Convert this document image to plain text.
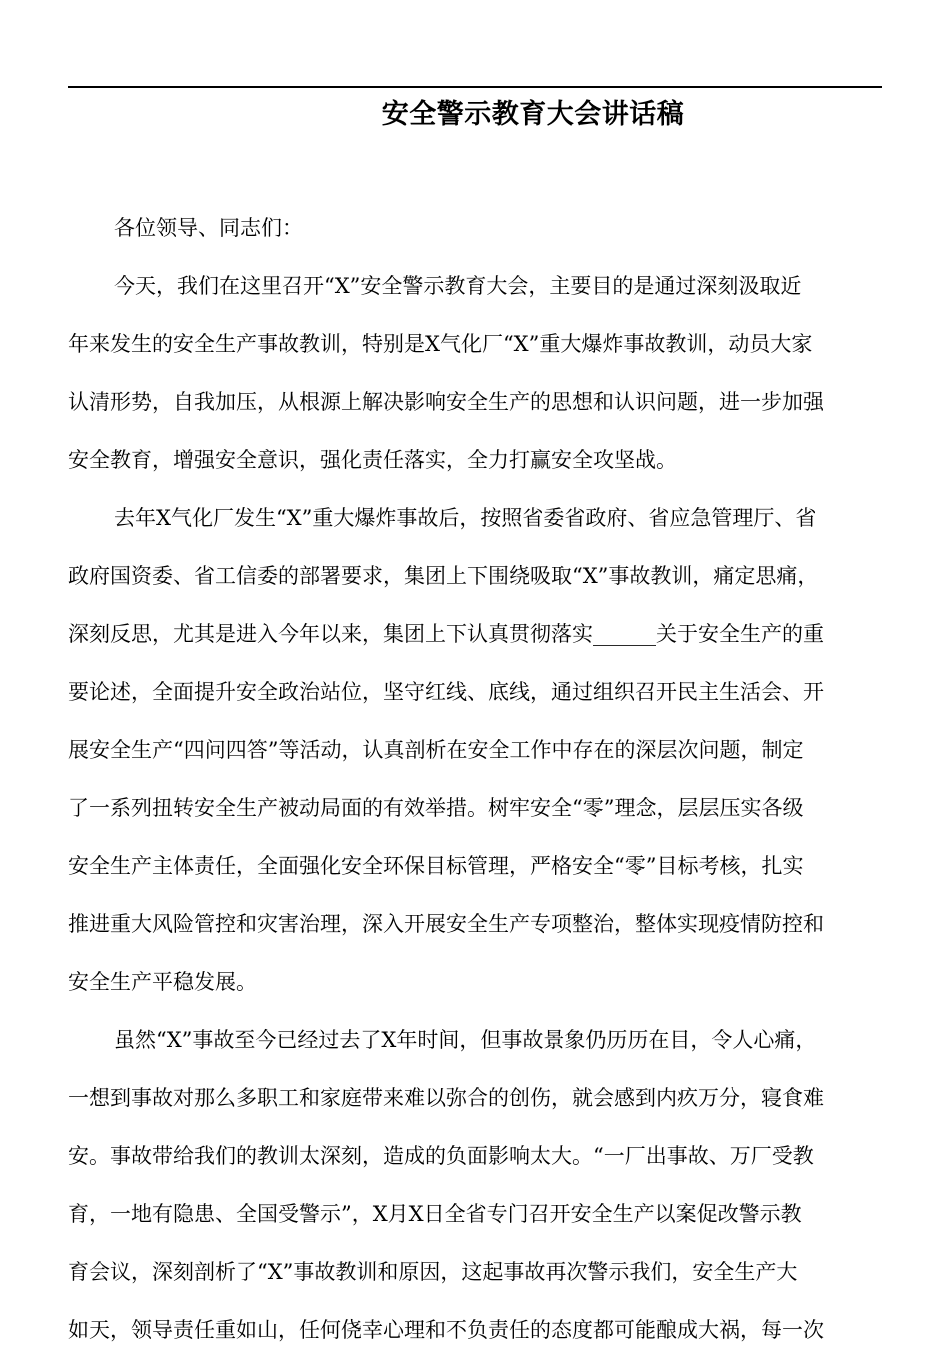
安全警示教育大会讲话稿

各位领导、同志们：

今天，我们在这里召开“X”安全警示教育大会，主要目的是通过深刻汲取近
年来发生的安全生产事故教训，特别是X气化厂“X”重大爆炸事故教训，动员大家
认清形势，自我加压，从根源上解决影响安全生产的思想和认识问题，进一步加强
安全教育，增强安全意识，强化责任落实，全力打赢安全攻坚战。
去年X气化厂发生“X”重大爆炸事故后，按照省委省政府、省应急管理厅、省
政府国资委、省工信委的部署要求，集团上下围绕吸取“X”事故教训，痛定思痛，
深刻反思，尤其是进入今年以来，集团上下认真贯彻落实______关于安全生产的重
要论述，全面提升安全政治站位，坚守红线、底线，通过组织召开民主生活会、开
展安全生产“四问四答”等活动，认真剖析在安全工作中存在的深层次问题，制定
了一系列扭转安全生产被动局面的有效举措。树牢安全“零”理念，层层压实各级
安全生产主体责任，全面强化安全环保目标管理，严格安全“零”目标考核，扎实
推进重大风险管控和灾害治理，深入开展安全生产专项整治，整体实现疫情防控和
安全生产平稳发展。
虽然“X”事故至今已经过去了X年时间，但事故景象仍历历在目，令人心痛，
一想到事故对那么多职工和家庭带来难以弥合的创伤，就会感到内疚万分，寝食难
安。事故带给我们的教训太深刻，造成的负面影响太大。“一厂出事故、万厂受教
育，一地有隐患、全国受警示”，X月X日全省专门召开安全生产以案促改警示教
育会议，深刻剖析了“X”事故教训和原因，这起事故再次警示我们，安全生产大
如天，领导责任重如山，任何侥幸心理和不负责任的态度都可能酿成大祸，每一次
